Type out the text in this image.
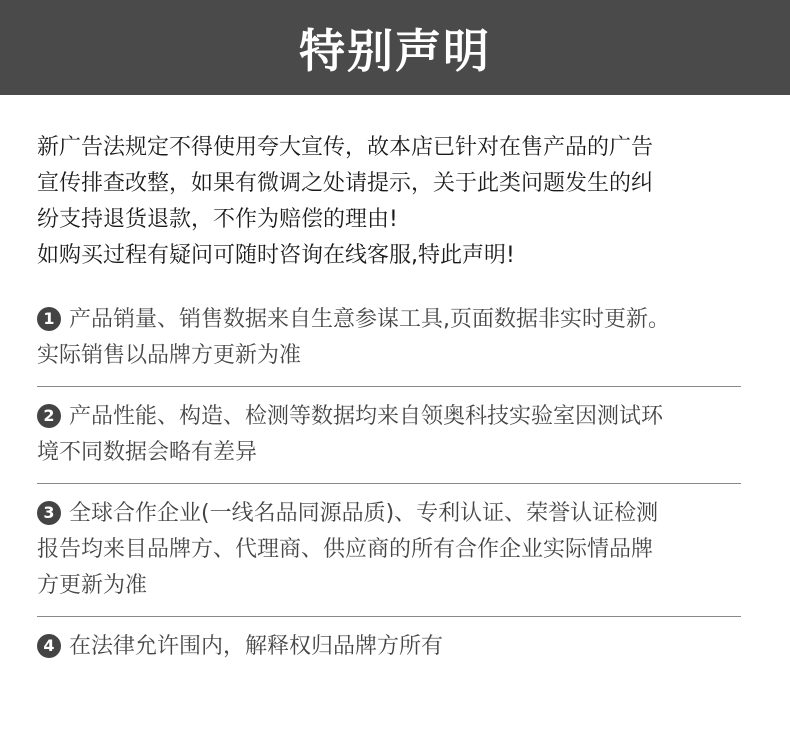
特别声明
新广告法规定不得使用夸大宣传，故本店已针对在售产品的广告
宣传排查改整，如果有微调之处请提示，关于此类问题发生的纠
纷支持退货退款，不作为赔偿的理由!
如购买过程有疑问可随时咨询在线客服,特此声明!
1 产品销量、销售数据来自生意参谋工具,页面数据非实时更新。
实际销售以品牌方更新为准
2 产品性能、构造、检测等数据均来自领奥科技实验室因测试环
境不同数据会略有差异
3 全球合作企业(一线名品同源品质)、专利认证、荣誉认证检测
报告均来目品牌方、代理商、供应商的所有合作企业实际情品牌
方更新为准
4 在法律允许围内，解释权归品牌方所有
